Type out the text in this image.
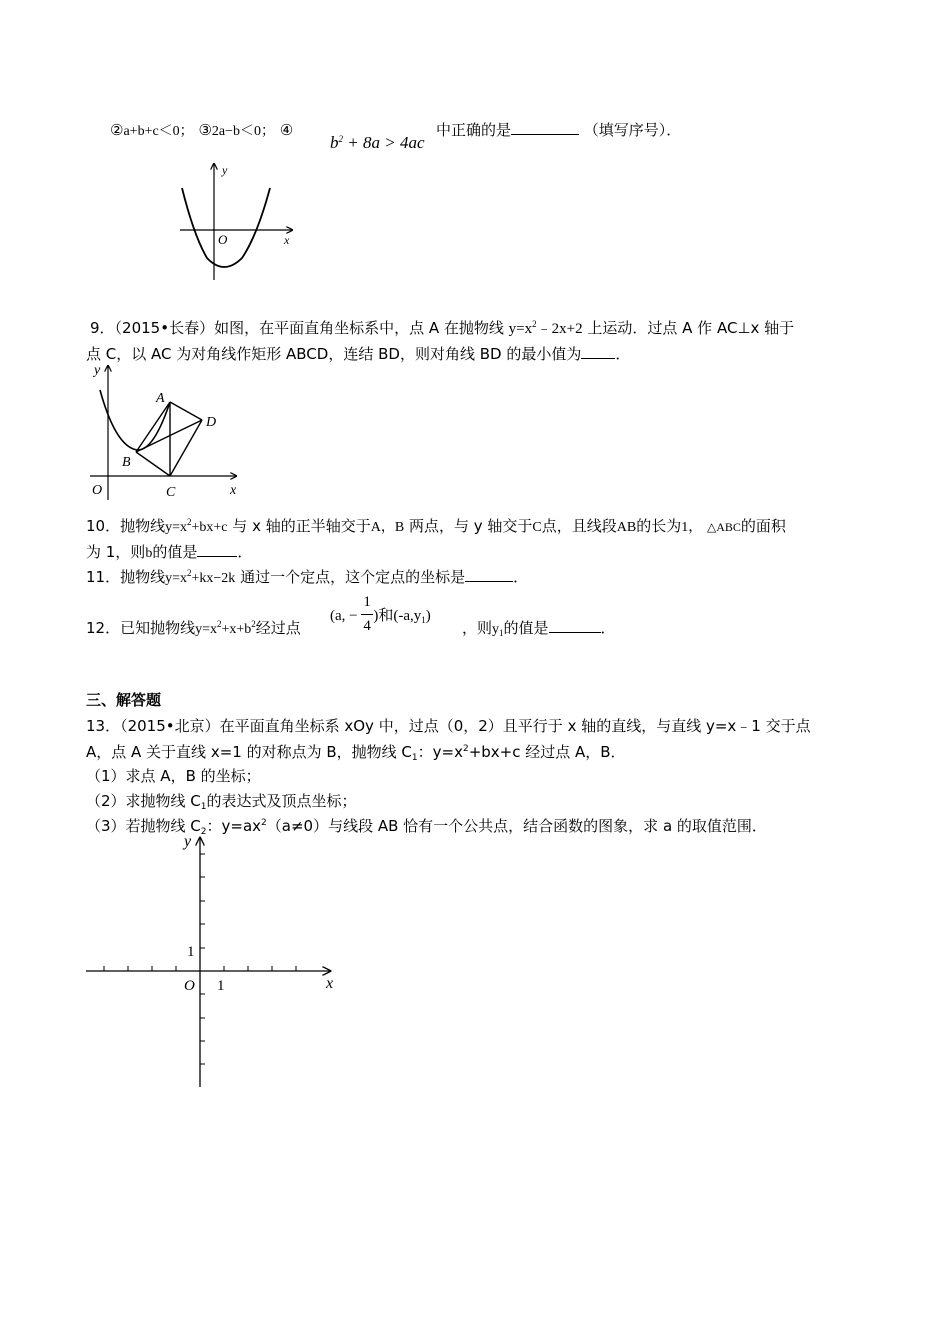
②a+b+c＜0； ③2a−b＜0； ④
$b^2 + 8a > 4ac$
中正确的是	（填写序号）．
y
x
O
9．（2015•长春）如图，在平面直角坐标系中，点 A 在抛物线 $y=x^2﹣2x+2$ 上运动．过点 A 作 AC⊥x 轴于
点 C，以 AC 为对角线作矩形 ABCD，连结 BD，则对角线 BD 的最小值为 ．
y
x
O
A
B
C
D
10．抛物线$y=x^2+bx+c$ 与 x 轴的正半轴交于A，B 两点，与 y 轴交于C点，且线段AB的长为1， △ABC的面积
为 1，则b的值是	．
11．抛物线$y=x^2+kx-2k$ 通过一个定点，这个定点的坐标是	．
12．已知抛物线$y=x^2+x+b^2$经过点
(a, − $\frac{1}{4}$ )和$(-a,y_1)$
，则$y_1$的值是	．
三、解答题
13．（2015•北京）在平面直角坐标系 xOy 中，过点（0，2）且平行于 x 轴的直线，与直线 y=x﹣1 交于点
A，点 A 关于直线 x=1 的对称点为 B，抛物线 $C_1$：$y=x^2+bx+c$ 经过点 A，B．
（1）求点 A，B 的坐标；
（2）求抛物线 $C_1$的表达式及顶点坐标；
（3）若抛物线 $C_2$：$y=ax^2(a\ne 0)$与线段 AB 恰有一个公共点，结合函数的图象，求 a 的取值范围．
y
x
O 1
1
